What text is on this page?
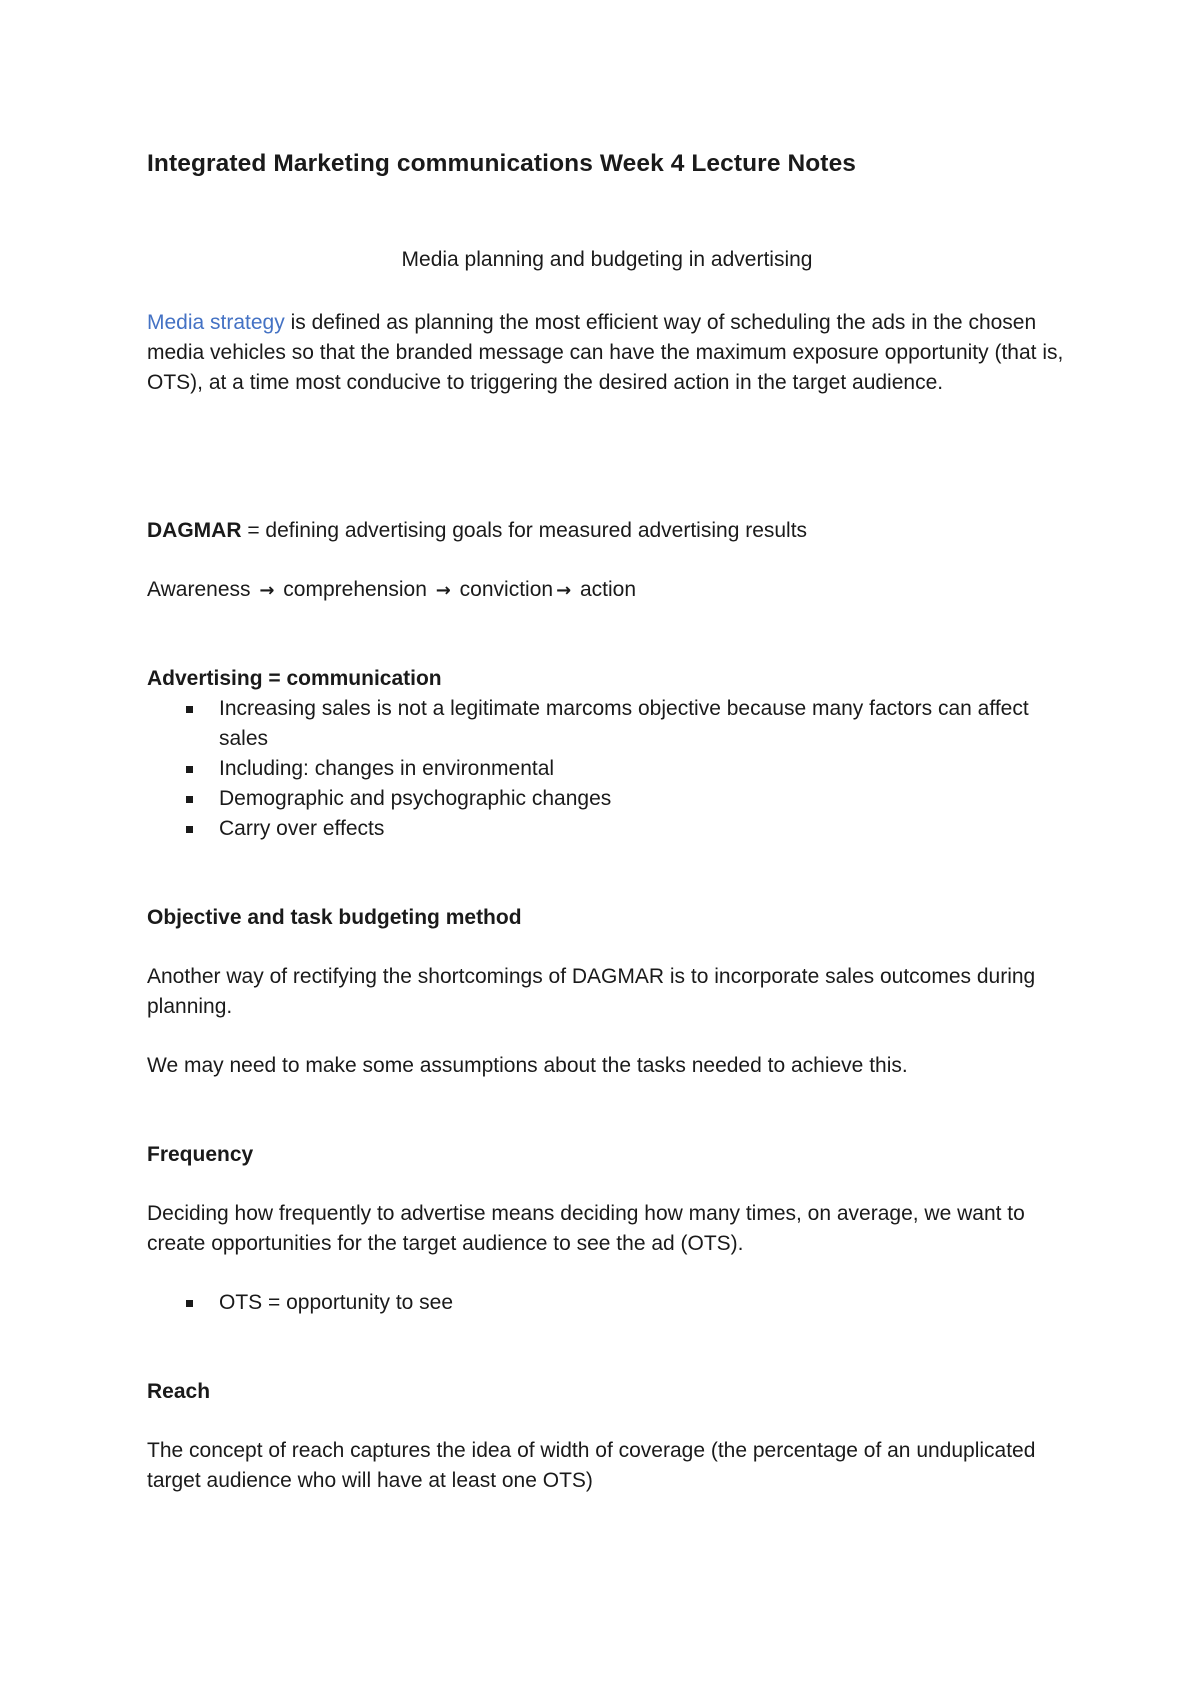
Integrated Marketing communications Week 4 Lecture Notes

Media planning and budgeting in advertising

Media strategy is defined as planning the most efficient way of scheduling the ads in the chosen media vehicles so that the branded message can have the maximum exposure opportunity (that is, OTS), at a time most conducive to triggering the desired action in the target audience.

DAGMAR = defining advertising goals for measured advertising results

Awareness → comprehension → conviction → action

Advertising = communication

Increasing sales is not a legitimate marcoms objective because many factors can affect sales
Including: changes in environmental
Demographic and psychographic changes
Carry over effects

Objective and task budgeting method

Another way of rectifying the shortcomings of DAGMAR is to incorporate sales outcomes during planning.

We may need to make some assumptions about the tasks needed to achieve this.

Frequency

Deciding how frequently to advertise means deciding how many times, on average, we want to create opportunities for the target audience to see the ad (OTS).

OTS = opportunity to see

Reach

The concept of reach captures the idea of width of coverage (the percentage of an unduplicated target audience who will have at least one OTS)
